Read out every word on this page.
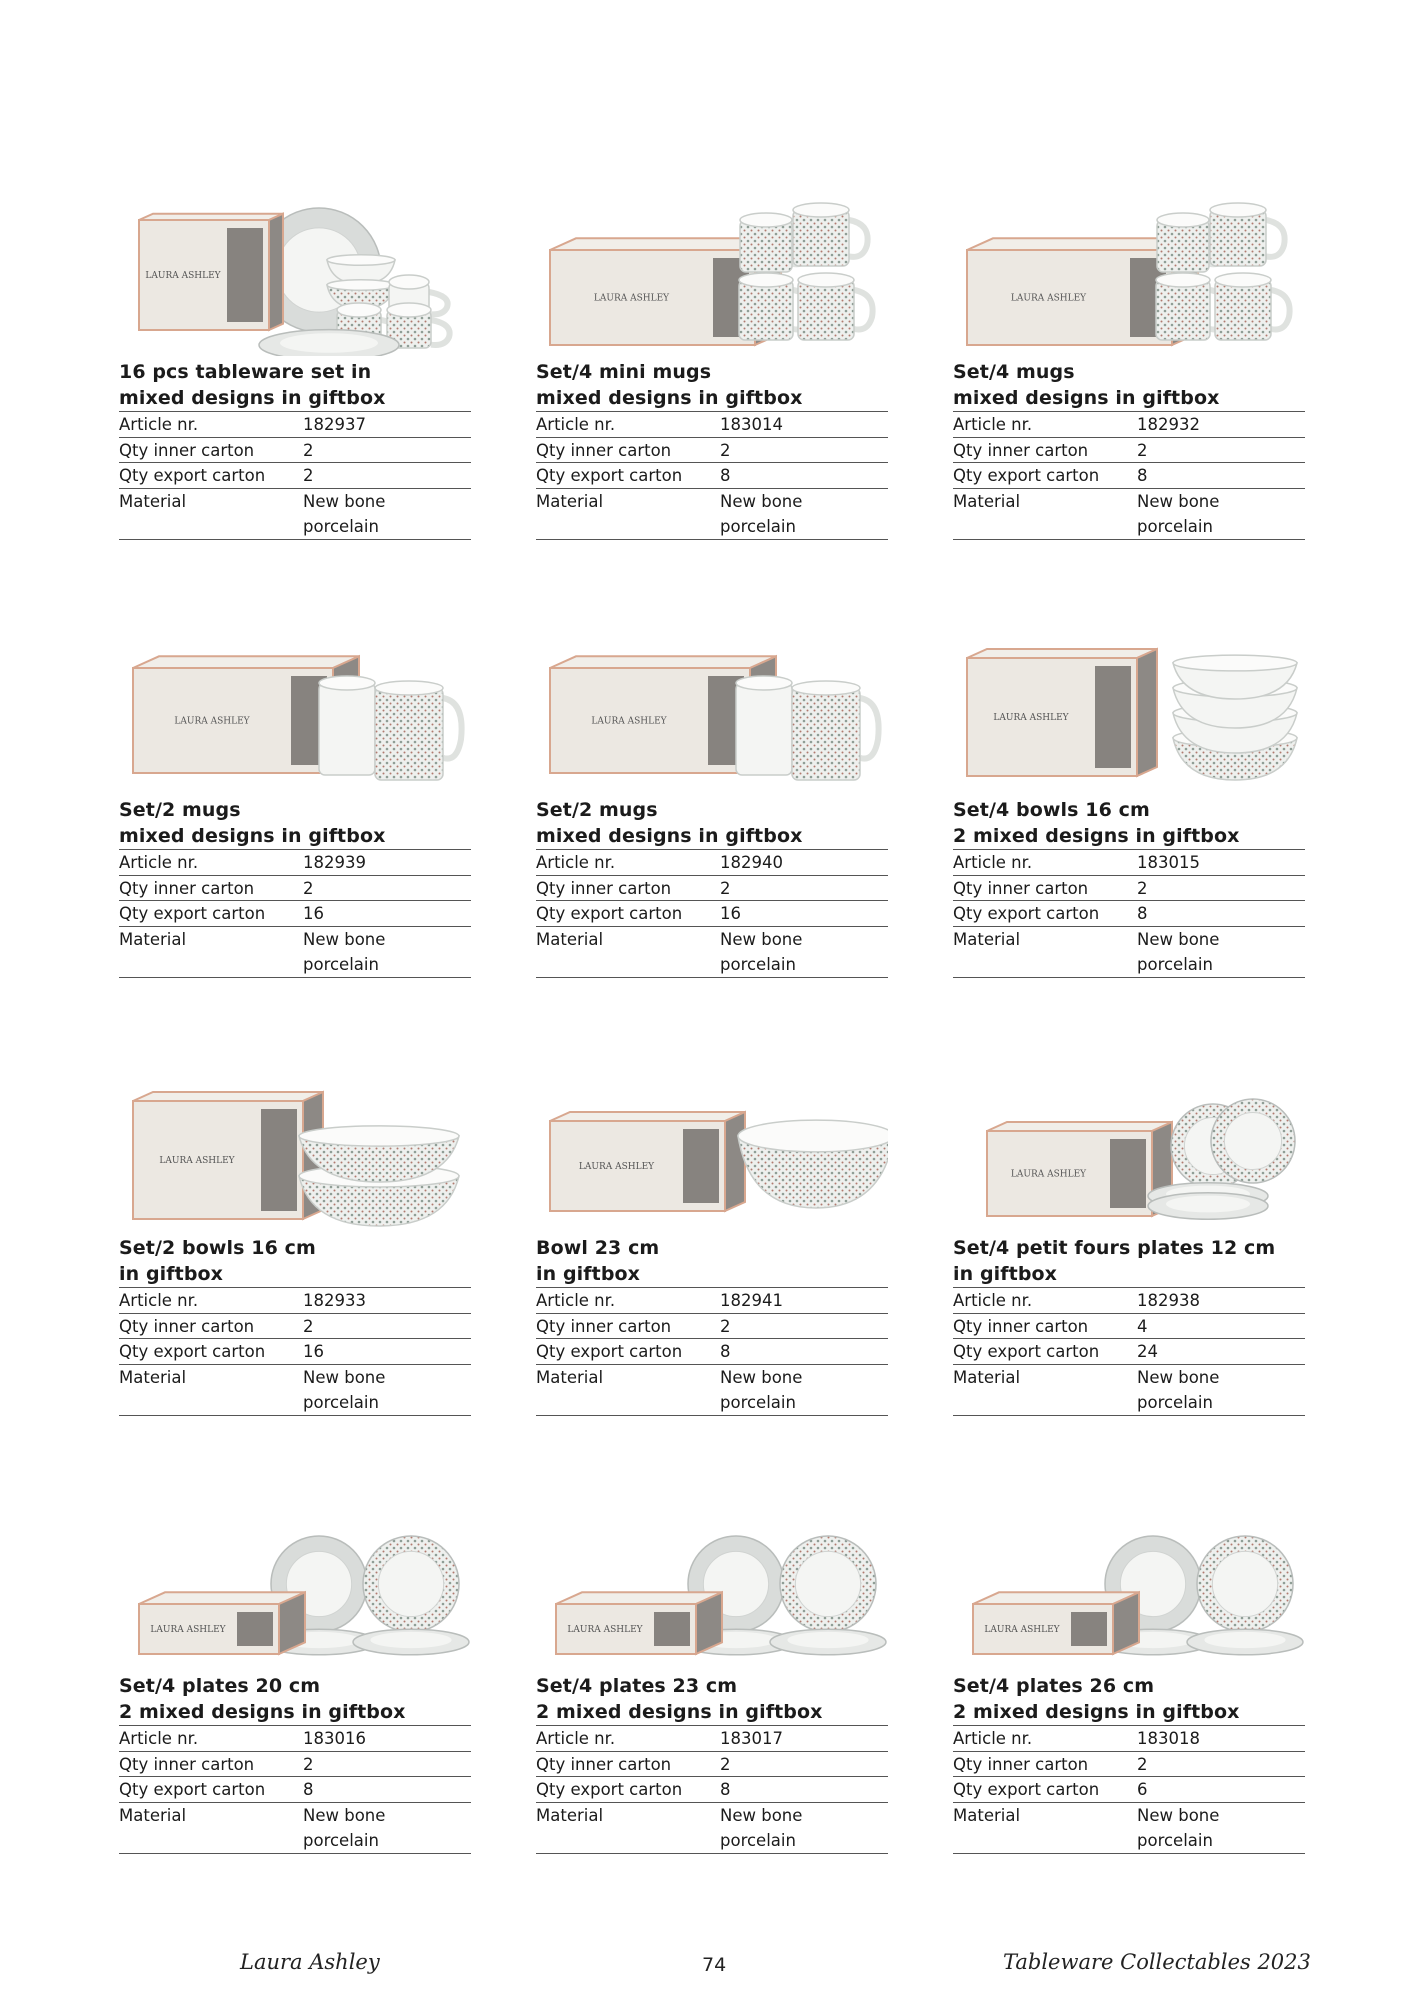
LAURA ASHLEY
16 pcs tableware set in
mixed designs in giftbox
Article nr.	182937
Qty inner carton	2
Qty export carton	2
Material	New bone
porcelain
LAURA ASHLEY
Set/4 mini mugs
mixed designs in giftbox
Article nr.	183014
Qty inner carton	2
Qty export carton	8
Material	New bone
porcelain
LAURA ASHLEY
Set/4 mugs
mixed designs in giftbox
Article nr.	182932
Qty inner carton	2
Qty export carton	8
Material	New bone
porcelain
LAURA ASHLEY
Set/2 mugs
mixed designs in giftbox
Article nr.	182939
Qty inner carton	2
Qty export carton	16
Material	New bone
porcelain
LAURA ASHLEY
Set/2 mugs
mixed designs in giftbox
Article nr.	182940
Qty inner carton	2
Qty export carton	16
Material	New bone
porcelain
LAURA ASHLEY
Set/4 bowls 16 cm
2 mixed designs in giftbox
Article nr.	183015
Qty inner carton	2
Qty export carton	8
Material	New bone
porcelain
LAURA ASHLEY
Set/2 bowls 16 cm
in giftbox
Article nr.	182933
Qty inner carton	2
Qty export carton	16
Material	New bone
porcelain
LAURA ASHLEY
Bowl 23 cm
in giftbox
Article nr.	182941
Qty inner carton	2
Qty export carton	8
Material	New bone
porcelain
LAURA ASHLEY
Set/4 petit fours plates 12 cm
in giftbox
Article nr.	182938
Qty inner carton	4
Qty export carton	24
Material	New bone
porcelain
LAURA ASHLEY
Set/4 plates 20 cm
2 mixed designs in giftbox
Article nr.	183016
Qty inner carton	2
Qty export carton	8
Material	New bone
porcelain
LAURA ASHLEY
Set/4 plates 23 cm
2 mixed designs in giftbox
Article nr.	183017
Qty inner carton	2
Qty export carton	8
Material	New bone
porcelain
LAURA ASHLEY
Set/4 plates 26 cm
2 mixed designs in giftbox
Article nr.	183018
Qty inner carton	2
Qty export carton	6
Material	New bone
porcelain
Laura Ashley	74	Tableware Collectables 2023
